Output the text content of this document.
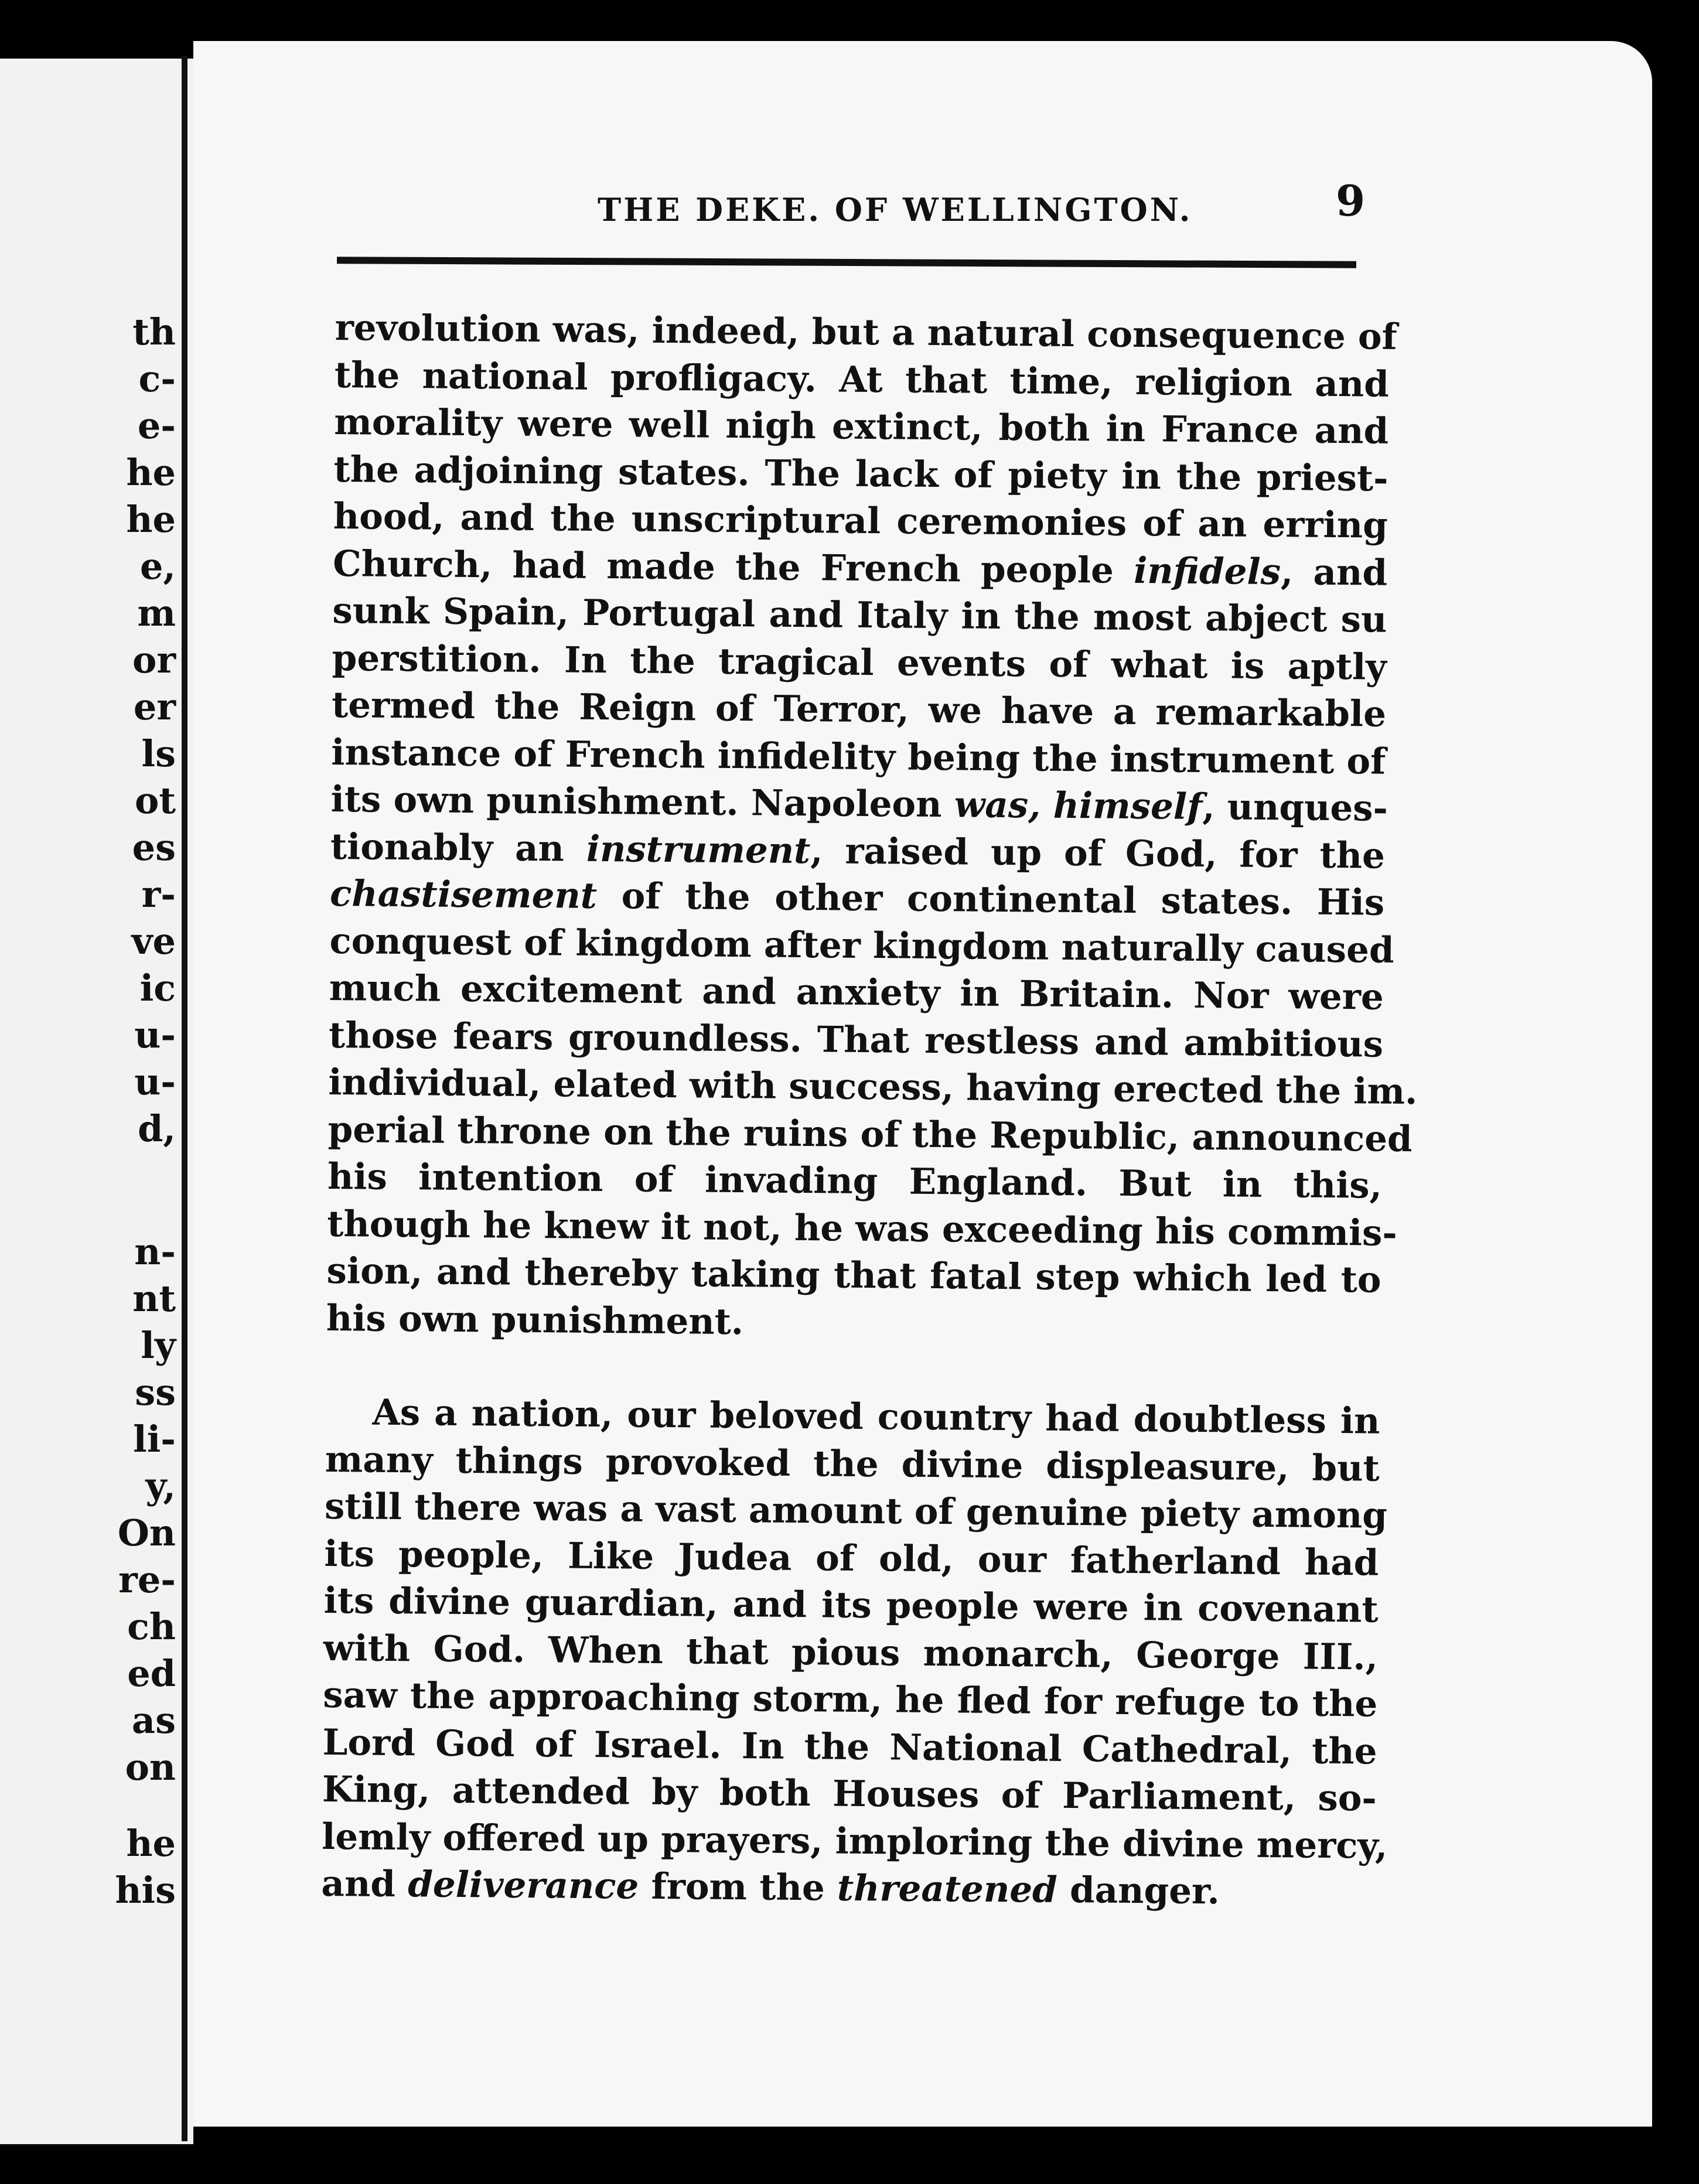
th
c-
e-
he
he
e,
m
or
er
ls
ot
es
r-
ve
ic
u-
u-
d,
n-
nt
ly
ss
li-
y,
On
re-
ch
ed
as
on
he
his
THE DEKE. OF WELLINGTON.	9
revolution was, indeed, but a natural consequence of
the national profligacy. At that time, religion and
morality were well nigh extinct, both in France and
the adjoining states. The lack of piety in the priest-
hood, and the unscriptural ceremonies of an erring
Church, had made the French people infidels, and
sunk Spain, Portugal and Italy in the most abject su
perstition. In the tragical events of what is aptly
termed the Reign of Terror, we have a remarkable
instance of French infidelity being the instrument of
its own punishment. Napoleon was, himself, unques-
tionably an instrument, raised up of God, for the
chastisement of the other continental states. His
conquest of kingdom after kingdom naturally caused
much excitement and anxiety in Britain. Nor were
those fears groundless. That restless and ambitious
individual, elated with success, having erected the im.
perial throne on the ruins of the Republic, announced
his intention of invading England. But in this,
though he knew it not, he was exceeding his commis-
sion, and thereby taking that fatal step which led to
his own punishment.
As a nation, our beloved country had doubtless in
many things provoked the divine displeasure, but
still there was a vast amount of genuine piety among
its people, Like Judea of old, our fatherland had
its divine guardian, and its people were in covenant
with God. When that pious monarch, George III.,
saw the approaching storm, he fled for refuge to the
Lord God of Israel. In the National Cathedral, the
King, attended by both Houses of Parliament, so-
lemly offered up prayers, imploring the divine mercy,
and deliverance from the threatened danger.
